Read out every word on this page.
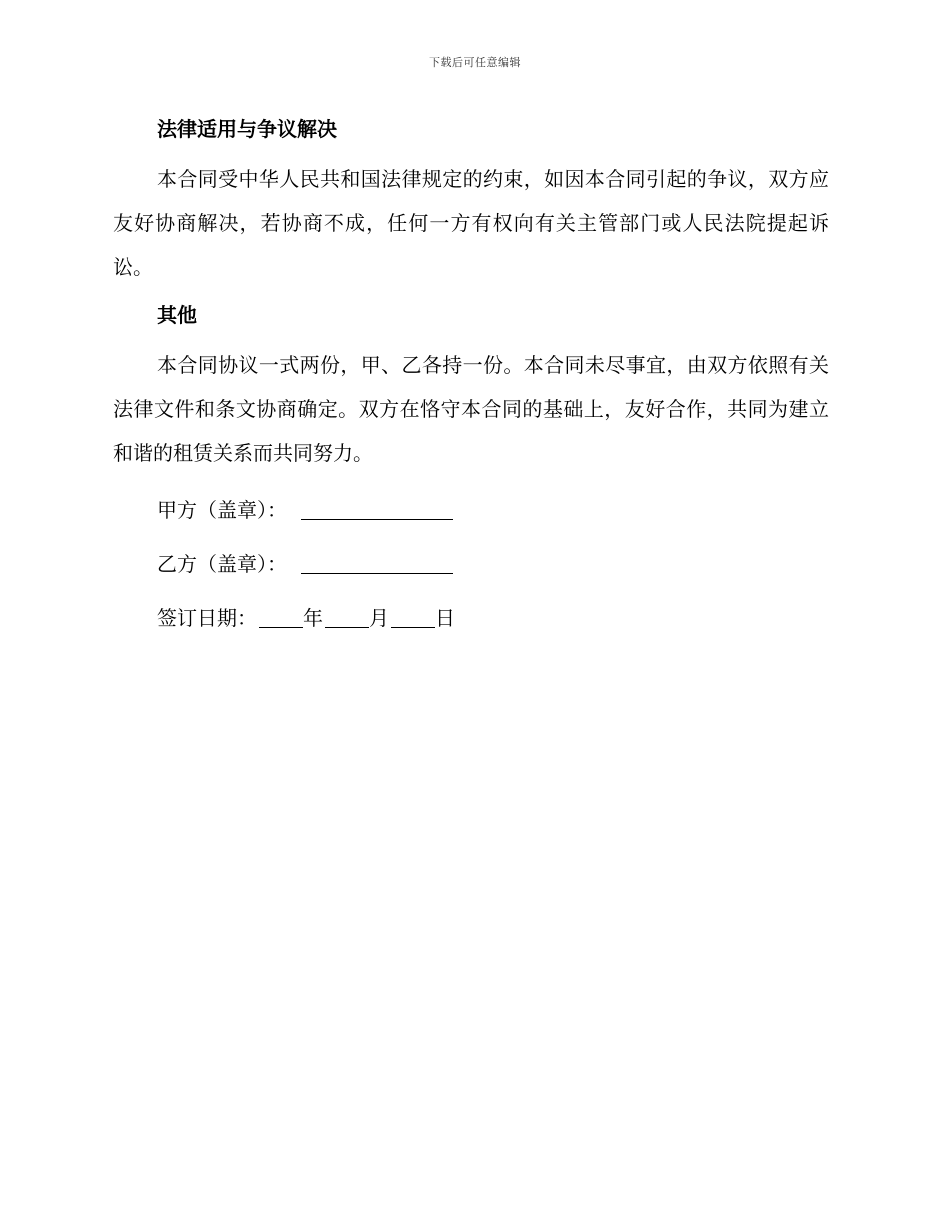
下载后可任意编辑
法律适用与争议解决

本合同受中华人民共和国法律规定的约束，如因本合同引起的争议，双方应友好协商解决，若协商不成，任何一方有权向有关主管部门或人民法院提起诉讼。

其他

本合同协议一式两份，甲、乙各持一份。本合同未尽事宜，由双方依照有关法律文件和条文协商确定。双方在恪守本合同的基础上，友好合作，共同为建立和谐的租赁关系而共同努力。

甲方（盖章）：
乙方（盖章）：
签订日期： 年 月 日
